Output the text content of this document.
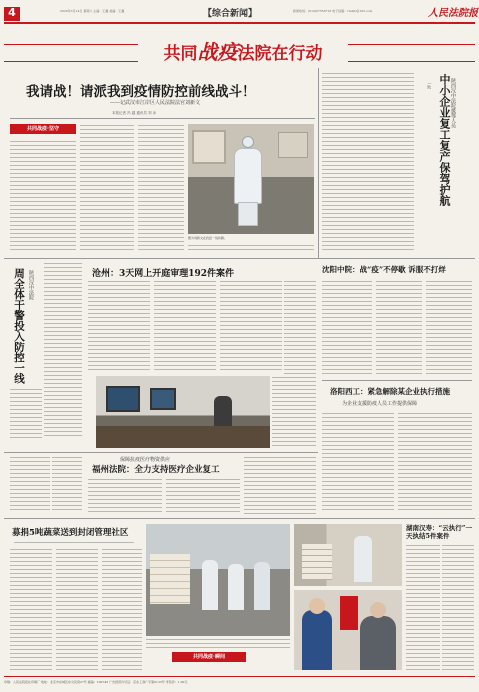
4	2020年3月14日 星期六 主编：王鑫 美编：王鑫	【综合新闻】	新闻热线：(010)67550718 电子信箱：rmfyb@163.com	人民法院报
共同战疫法院在行动
我请战！请派我到疫情防控前线战斗！
——记武汉市江岸区人民法院法官刘新文
本报记者 冯 越 通讯员 刘 冰
共同战疫·坚守
图为刘新文在抗疫一线执勤。
陕西汉中法院援鄂人员
中小企业复工复产保驾护航
—致
陕西汉中法院
周全体干警投入防控一线	沧州：3天网上开庭审理192件案件	沈阳中院：战“疫”不停歇 诉服不打烊
洛阳西工：紧急解除某企业执行措施
为企业支援防疫人员工作提供保障
保障抗疫医疗物资供应
福州法院：全力支持医疗企业复工
募捐5吨蔬菜送到封闭管理社区
共同战疫·瞬间
湖南汉寿：“云执行”一天执结5件案件
印刷：人民法院报社印刷厂 地址：北京市东城区东交民巷27号 邮编：100745 广告经营许可证：京东工商广字第0123号 零售价：1.00元
